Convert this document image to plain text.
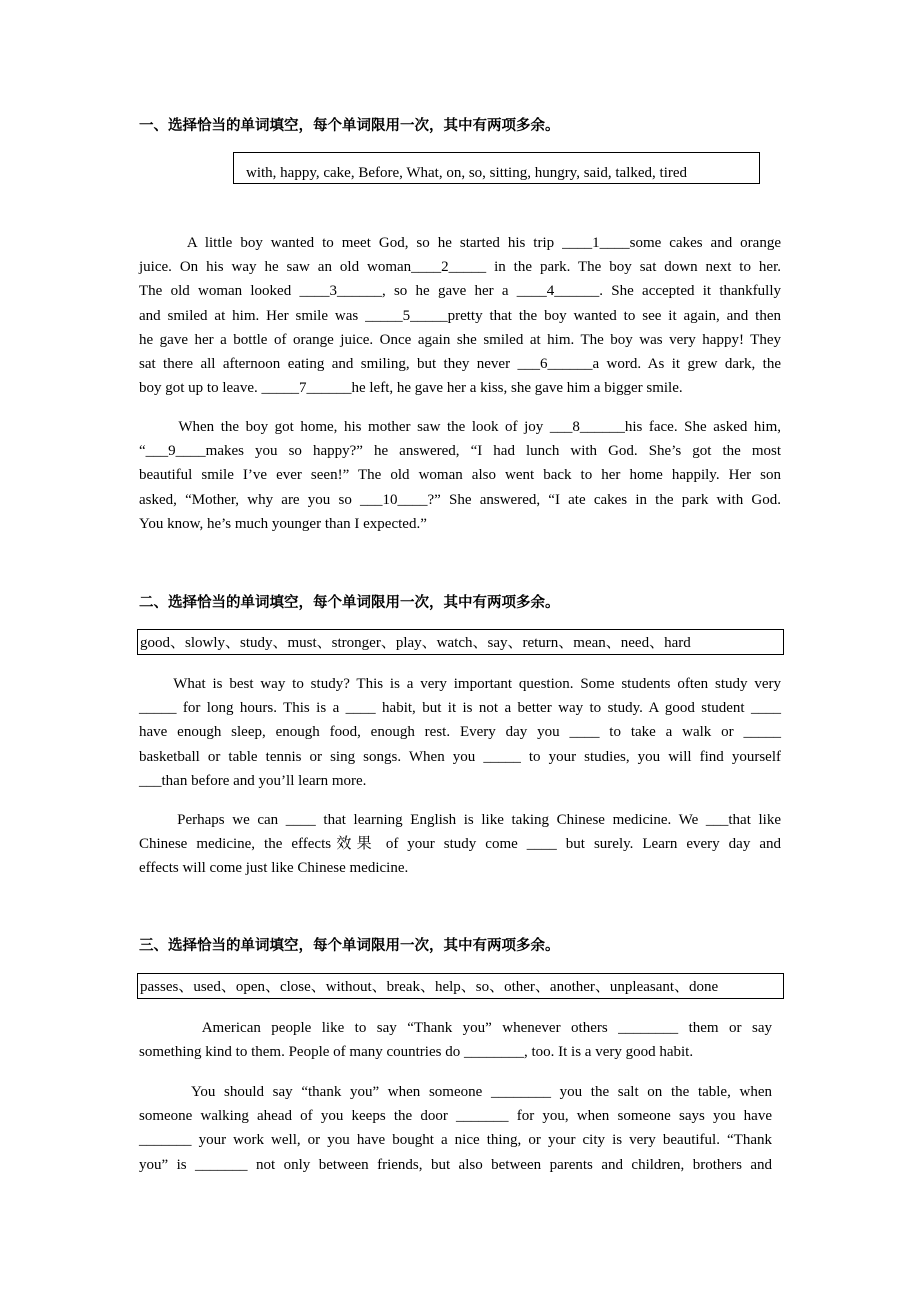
一、选择恰当的单词填空，每个单词限用一次，其中有两项多余。
with, happy, cake, Before, What, on, so, sitting, hungry, said, talked, tired
A little boy wanted to meet God, so he started his trip ____1____some cakes and orange
juice. On his way he saw an old woman____2_____ in the park. The boy sat down next to her.
The old woman looked ____3______, so he gave her a ____4______. She accepted it thankfully
and smiled at him. Her smile was _____5_____pretty that the boy wanted to see it again, and then
he gave her a bottle of orange juice. Once again she smiled at him. The boy was very happy! They
sat there all afternoon eating and smiling, but they never ___6______a word. As it grew dark, the
boy got up to leave. _____7______he left, he gave her a kiss, she gave him a bigger smile.
When the boy got home, his mother saw the look of joy ___8______his face. She asked him,
“___9____makes you so happy?” he answered, “I had lunch with God. She’s got the most
beautiful smile I’ve ever seen!” The old woman also went back to her home happily. Her son
asked, “Mother, why are you so ___10____?” She answered, “I ate cakes in the park with God.
You know, he’s much younger than I expected.”
二、选择恰当的单词填空，每个单词限用一次，其中有两项多余。
good、slowly、study、must、stronger、play、watch、say、return、mean、need、hard
What is best way to study? This is a very important question. Some students often study very
_____ for long hours. This is a ____ habit, but it is not a better way to study. A good student ____
have enough sleep, enough food, enough rest. Every day you ____ to take a walk or _____
basketball or table tennis or sing songs. When you _____ to your studies, you will find yourself
___than before and you’ll learn more.
Perhaps we can ____ that learning English is like taking Chinese medicine. We ___that like
Chinese medicine, the effects效果 of your study come ____ but surely. Learn every day and
effects will come just like Chinese medicine.
三、选择恰当的单词填空，每个单词限用一次，其中有两项多余。
passes、used、open、close、without、break、help、so、other、another、unpleasant、done
American people like to say “Thank you” whenever others ________ them or say
something kind to them. People of many countries do ________, too. It is a very good habit.
You should say “thank you” when someone ________ you the salt on the table, when
someone walking ahead of you keeps the door _______ for you, when someone says you have
_______ your work well, or you have bought a nice thing, or your city is very beautiful. “Thank
you” is _______ not only between friends, but also between parents and children, brothers and
